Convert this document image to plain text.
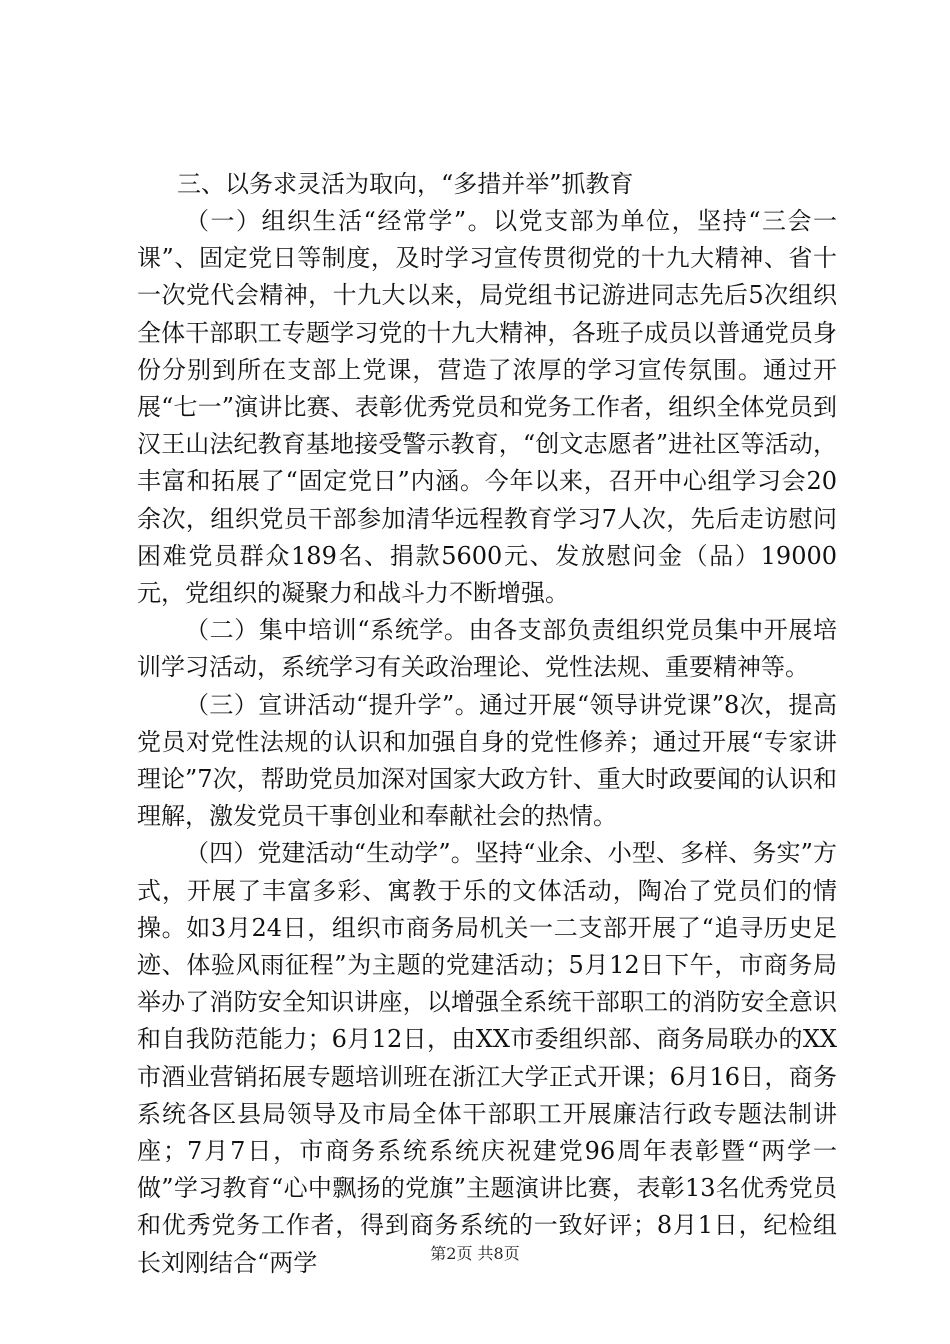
三、以务求灵活为取向，“多措并举”抓教育

（一）组织生活“经常学”。以党支部为单位，坚持“三会一课”、固定党日等制度，及时学习宣传贯彻党的十九大精神、省十一次党代会精神，十九大以来，局党组书记游进同志先后5次组织全体干部职工专题学习党的十九大精神，各班子成员以普通党员身份分别到所在支部上党课，营造了浓厚的学习宣传氛围。通过开展“七一”演讲比赛、表彰优秀党员和党务工作者，组织全体党员到汉王山法纪教育基地接受警示教育，“创文志愿者”进社区等活动，丰富和拓展了“固定党日”内涵。今年以来，召开中心组学习会20余次，组织党员干部参加清华远程教育学习7人次，先后走访慰问困难党员群众189名、捐款5600元、发放慰问金（品）19000元，党组织的凝聚力和战斗力不断增强。

（二）集中培训“系统学。由各支部负责组织党员集中开展培训学习活动，系统学习有关政治理论、党性法规、重要精神等。

（三）宣讲活动“提升学”。通过开展“领导讲党课”8次，提高党员对党性法规的认识和加强自身的党性修养；通过开展“专家讲理论”7次，帮助党员加深对国家大政方针、重大时政要闻的认识和理解，激发党员干事创业和奉献社会的热情。

（四）党建活动“生动学”。坚持“业余、小型、多样、务实”方式，开展了丰富多彩、寓教于乐的文体活动，陶冶了党员们的情操。如3月24日，组织市商务局机关一二支部开展了“追寻历史足迹、体验风雨征程”为主题的党建活动；5月12日下午，市商务局举办了消防安全知识讲座，以增强全系统干部职工的消防安全意识和自我防范能力；6月12日，由XX市委组织部、商务局联办的XX市酒业营销拓展专题培训班在浙江大学正式开课；6月16日，商务系统各区县局领导及市局全体干部职工开展廉洁行政专题法制讲座；7月7日，市商务系统系统庆祝建党96周年表彰暨“两学一做”学习教育“心中飘扬的党旗”主题演讲比赛，表彰13名优秀党员和优秀党务工作者，得到商务系统的一致好评；8月1日，纪检组长刘刚结合“两学	第2页 共8页
